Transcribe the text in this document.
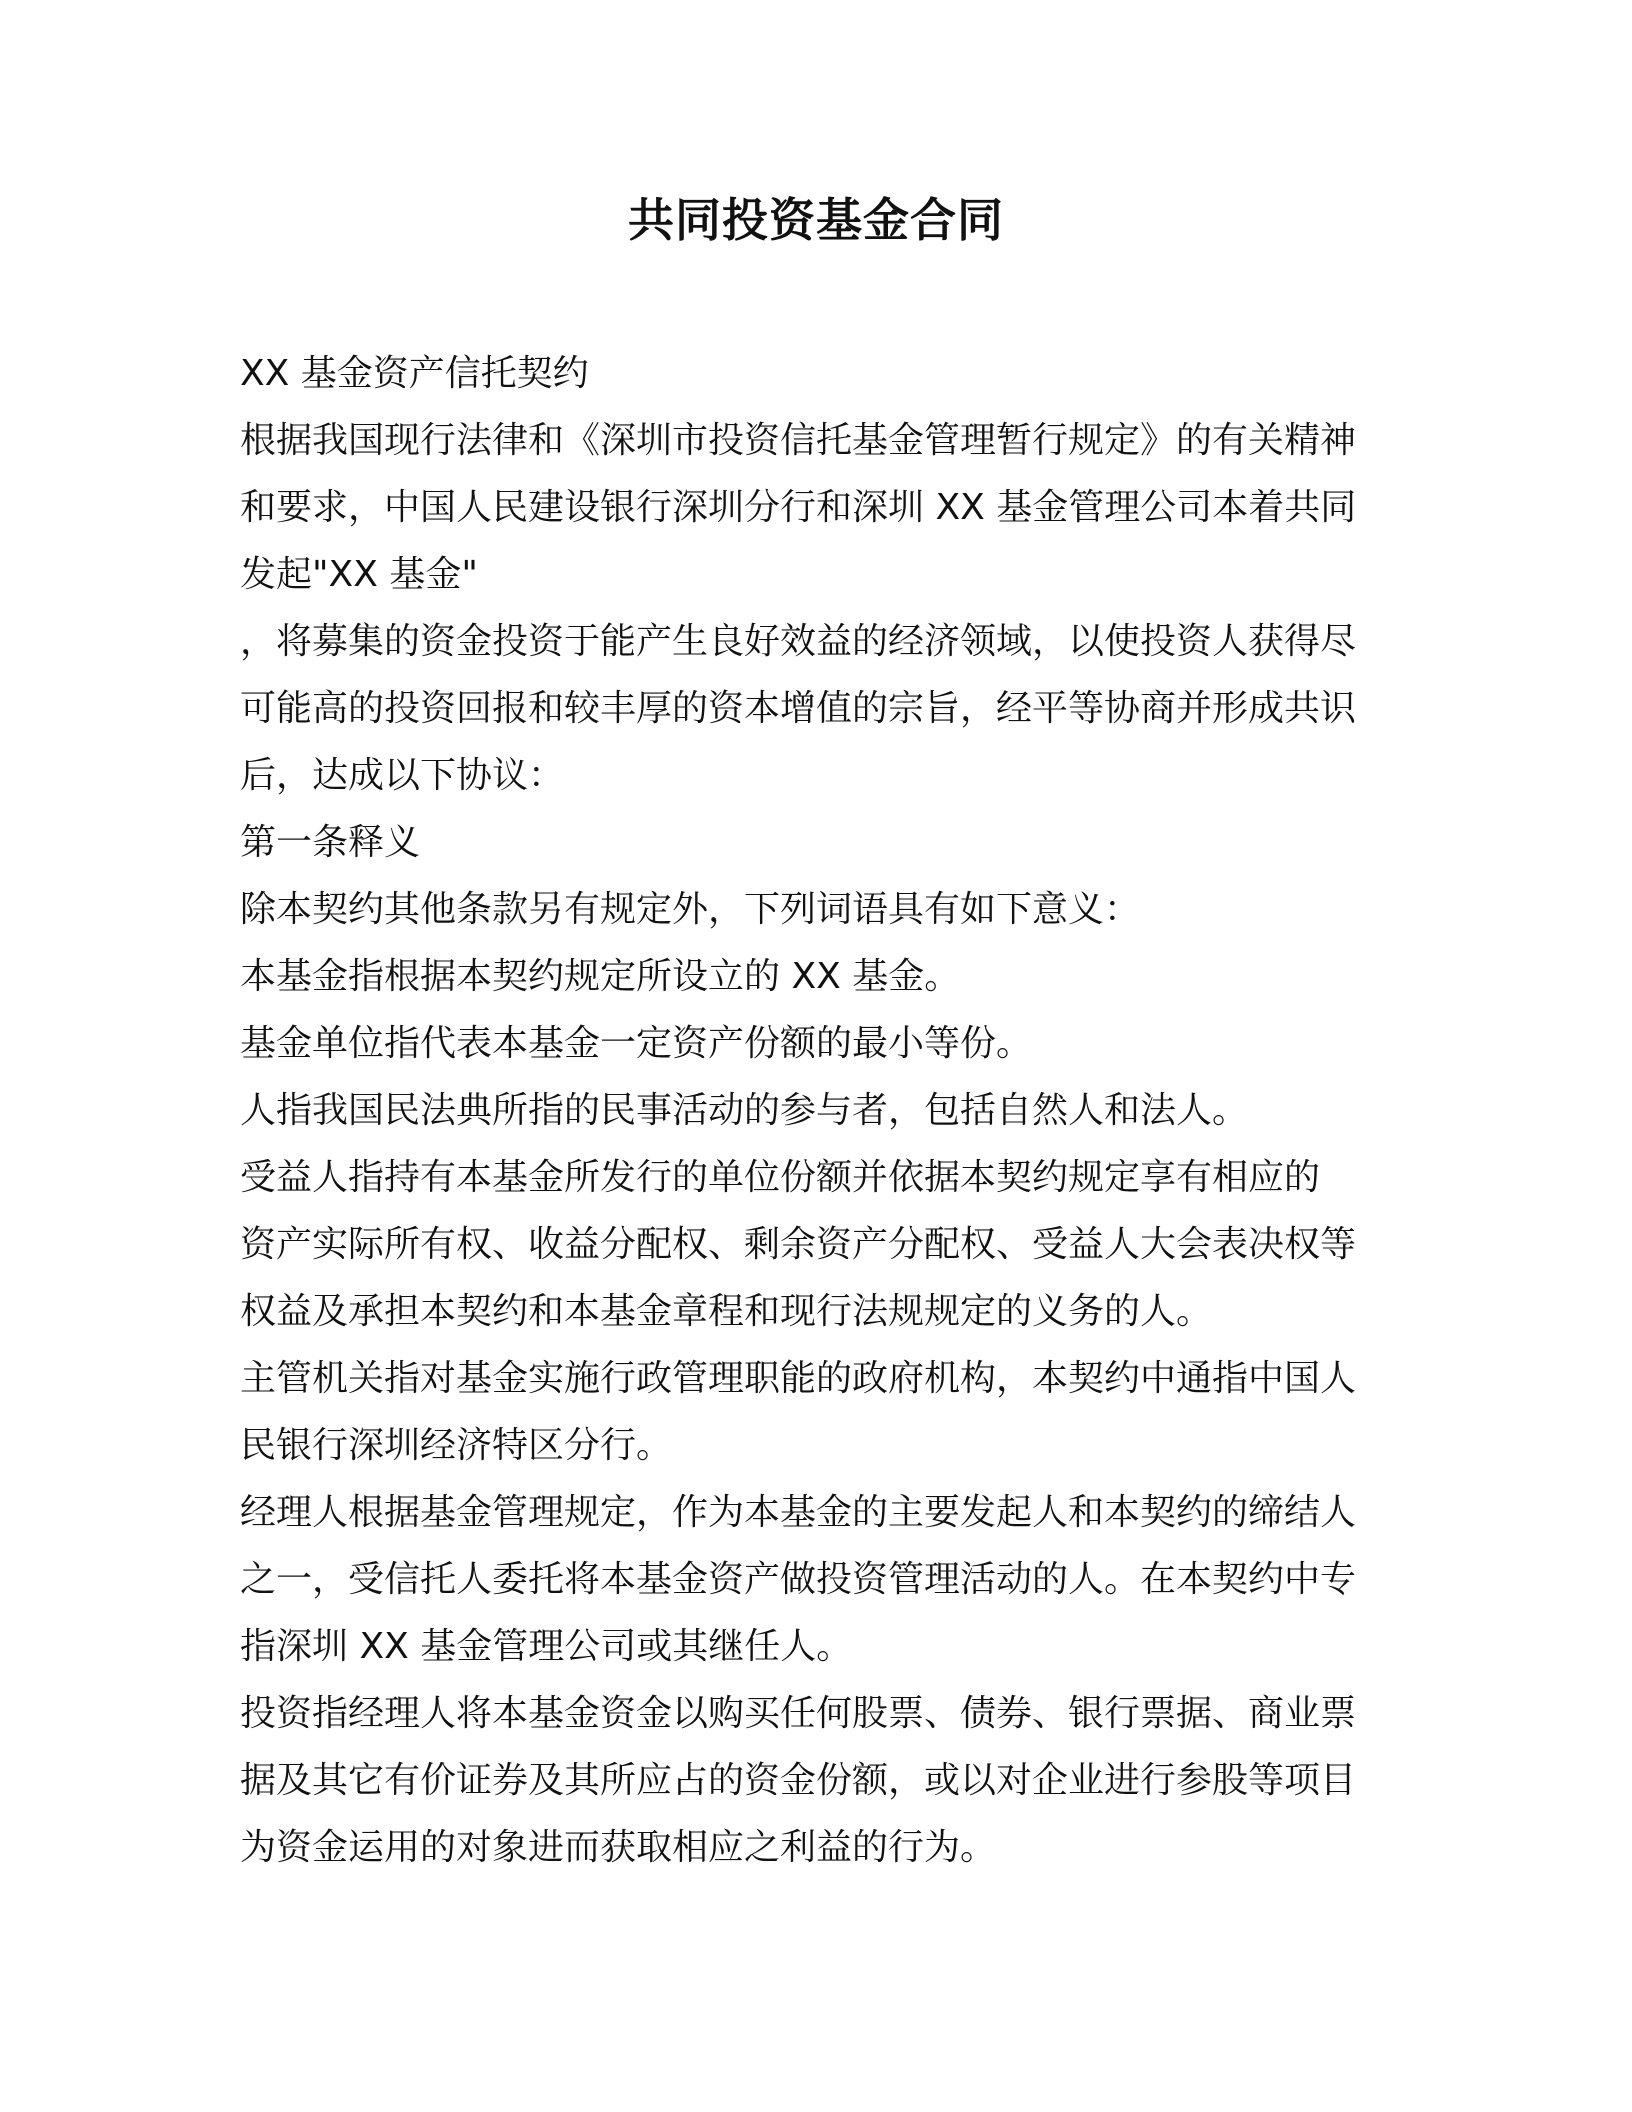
共同投资基金合同
XX 基金资产信托契约
根据我国现行法律和《深圳市投资信托基金管理暂行规定》的有关精神
和要求，中国人民建设银行深圳分行和深圳 XX 基金管理公司本着共同
发起"XX 基金"
，将募集的资金投资于能产生良好效益的经济领域，以使投资人获得尽
可能高的投资回报和较丰厚的资本增值的宗旨，经平等协商并形成共识
后，达成以下协议：
第一条释义
除本契约其他条款另有规定外，下列词语具有如下意义：
本基金指根据本契约规定所设立的 XX 基金。
基金单位指代表本基金一定资产份额的最小等份。
人指我国民法典所指的民事活动的参与者，包括自然人和法人。
受益人指持有本基金所发行的单位份额并依据本契约规定享有相应的
资产实际所有权、收益分配权、剩余资产分配权、受益人大会表决权等
权益及承担本契约和本基金章程和现行法规规定的义务的人。
主管机关指对基金实施行政管理职能的政府机构，本契约中通指中国人
民银行深圳经济特区分行。
经理人根据基金管理规定，作为本基金的主要发起人和本契约的缔结人
之一，受信托人委托将本基金资产做投资管理活动的人。在本契约中专
指深圳 XX 基金管理公司或其继任人。
投资指经理人将本基金资金以购买任何股票、债券、银行票据、商业票
据及其它有价证券及其所应占的资金份额，或以对企业进行参股等项目
为资金运用的对象进而获取相应之利益的行为。
